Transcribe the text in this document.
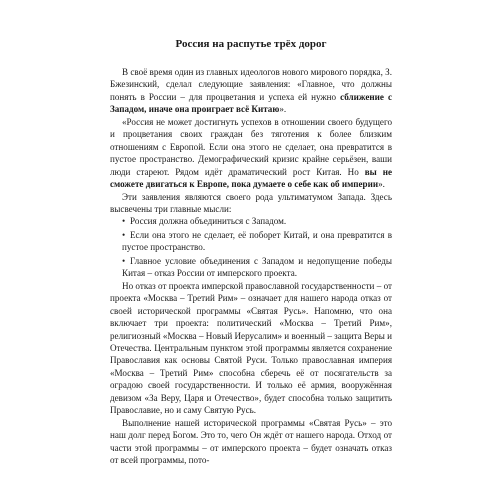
Россия на распутье трёх дорог

В своё время один из главных идеологов нового мирового порядка, З. Бжезинский, сделал следующие заявления: «Главное, что должны понять в России – для процветания и успеха ей нужно сближение с Западом, иначе она проиграет всё Китаю».

«Россия не может достигнуть успехов в отношении своего будущего и процветания своих граждан без тяготения к более близким отношениям с Европой. Если она этого не сделает, она превратится в пустое пространство. Демографический кризис крайне серьёзен, ваши люди стареют. Рядом идёт драматический рост Китая. Но вы не сможете двигаться к Европе, пока думаете о себе как об империи».

Эти заявления являются своего рода ультиматумом Запада. Здесь высвечены три главные мысли:

• Россия должна объединиться с Западом.

• Если она этого не сделает, её поборет Китай, и она превратится в пустое пространство.

• Главное условие объединения с Западом и недопущение победы Китая – отказ России от имперского проекта.

Но отказ от проекта имперской православной государственности – от проекта «Москва – Третий Рим» – означает для нашего народа отказ от своей исторической программы «Святая Русь». Напомню, что она включает три проекта: политический «Москва – Третий Рим», религиозный «Москва – Новый Иерусалим» и военный – защита Веры и Отечества. Центральным пунктом этой программы является сохранение Православия как основы Святой Руси. Только православная империя «Москва – Третий Рим» способна сберечь её от посягательств за оградою своей государственности. И только её армия, вооружённая девизом «За Веру, Царя и Отечество», будет способна только защитить Православие, но и саму Святую Русь.

Выполнение нашей исторической программы «Святая Русь» – это наш долг перед Богом. Это то, чего Он ждёт от нашего народа. Отход от части этой программы – от имперского проекта – будет означать отказ от всей программы, пото-
